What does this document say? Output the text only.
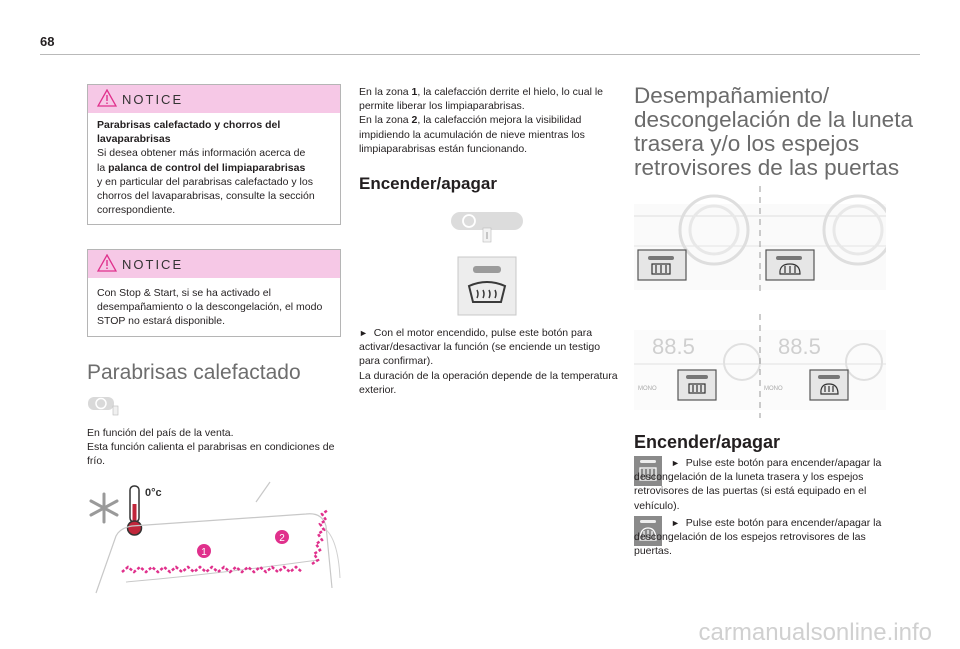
68
NOTICE

Parabrisas calefactado y chorros del lavaparabrisas

Si desea obtener más información acerca de

la palanca de control del limpiaparabrisas

y en particular del parabrisas calefactado y los chorros del lavaparabrisas, consulte la sección correspondiente.

NOTICE

Con Stop & Start, si se ha activado el desempañamiento o la descongelación, el modo STOP no estará disponible.

Parabrisas calefactado

En función del país de la venta.

Esta función calienta el parabrisas en condiciones de frío.

0°c
1
2

En la zona 1, la calefacción derrite el hielo, lo cual le permite liberar los limpiaparabrisas.

En la zona 2, la calefacción mejora la visibilidad impidiendo la acumulación de nieve mientras los limpiaparabrisas están funcionando.

Encender/apagar

► Con el motor encendido, pulse este botón para activar/desactivar la función (se enciende un testigo para confirmar).

La duración de la operación depende de la temperatura exterior.

Desempañamiento/
descongelación de la luneta
trasera y/o los espejos
retrovisores de las puertas
88.5	88.5
MONO	MONO
Encender/apagar
► Pulse este botón para encender/apagar la descongelación de la luneta trasera y los espejos retrovisores de las puertas (si está equipado en el vehículo).
► Pulse este botón para encender/apagar la descongelación de los espejos retrovisores de las puertas.
carmanualsonline.info
